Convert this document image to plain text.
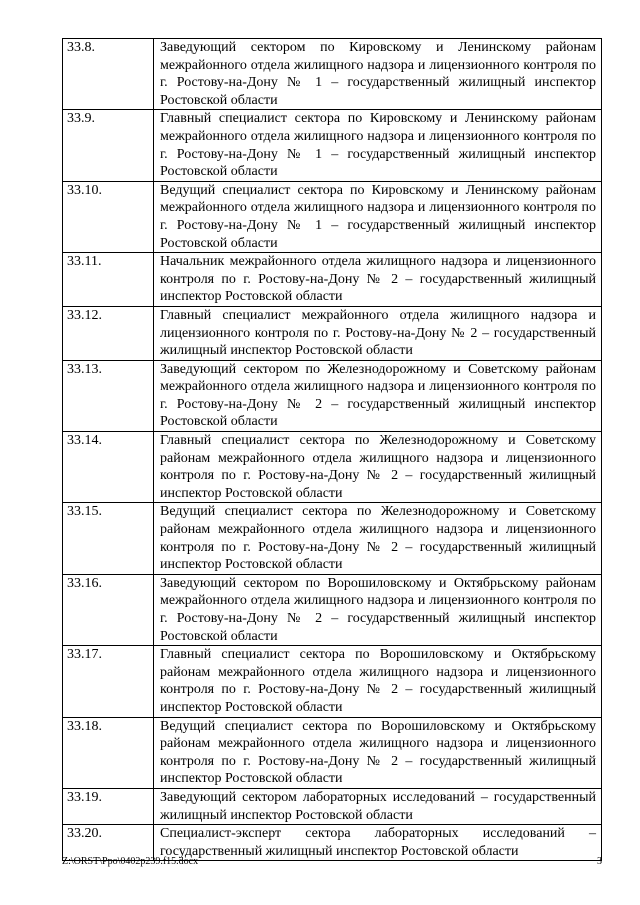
33.8.	Заведующий сектором по Кировскому и Ленинскому районам межрайонного отдела жилищного надзора и лицензионного контроля по г. Ростову-на-Дону № 1 – государственный жилищный инспектор Ростовской области
33.9.	Главный специалист сектора по Кировскому и Ленинскому районам межрайонного отдела жилищного надзора и лицензионного контроля по г. Ростову-на-Дону № 1 – государственный жилищный инспектор Ростовской области
33.10.	Ведущий специалист сектора по Кировскому и Ленинскому районам межрайонного отдела жилищного надзора и лицензионного контроля по г. Ростову-на-Дону № 1 – государственный жилищный инспектор Ростовской области
33.11.	Начальник межрайонного отдела жилищного надзора и лицензионного контроля по г. Ростову-на-Дону № 2 – государственный жилищный инспектор Ростовской области
33.12.	Главный специалист межрайонного отдела жилищного надзора и лицензионного контроля по г. Ростову-на-Дону № 2 – государственный жилищный инспектор Ростовской области
33.13.	Заведующий сектором по Железнодорожному и Советскому районам межрайонного отдела жилищного надзора и лицензионного контроля по г. Ростову-на-Дону № 2 – государственный жилищный инспектор Ростовской области
33.14.	Главный специалист сектора по Железнодорожному и Советскому районам межрайонного отдела жилищного надзора и лицензионного контроля по г. Ростову-на-Дону № 2 – государственный жилищный инспектор Ростовской области
33.15.	Ведущий специалист сектора по Железнодорожному и Советскому районам межрайонного отдела жилищного надзора и лицензионного контроля по г. Ростову-на-Дону № 2 – государственный жилищный инспектор Ростовской области
33.16.	Заведующий сектором по Ворошиловскому и Октябрьскому районам межрайонного отдела жилищного надзора и лицензионного контроля по г. Ростову-на-Дону № 2 – государственный жилищный инспектор Ростовской области
33.17.	Главный специалист сектора по Ворошиловскому и Октябрьскому районам межрайонного отдела жилищного надзора и лицензионного контроля по г. Ростову-на-Дону № 2 – государственный жилищный инспектор Ростовской области
33.18.	Ведущий специалист сектора по Ворошиловскому и Октябрьскому районам межрайонного отдела жилищного надзора и лицензионного контроля по г. Ростову-на-Дону № 2 – государственный жилищный инспектор Ростовской области
33.19.	Заведующий сектором лабораторных исследований – государственный жилищный инспектор Ростовской области
33.20.	Специалист-эксперт сектора лабораторных исследований – государственный жилищный инспектор Ростовской области
Z:\ORST\Ppo\0402p239.f15.docx	3
